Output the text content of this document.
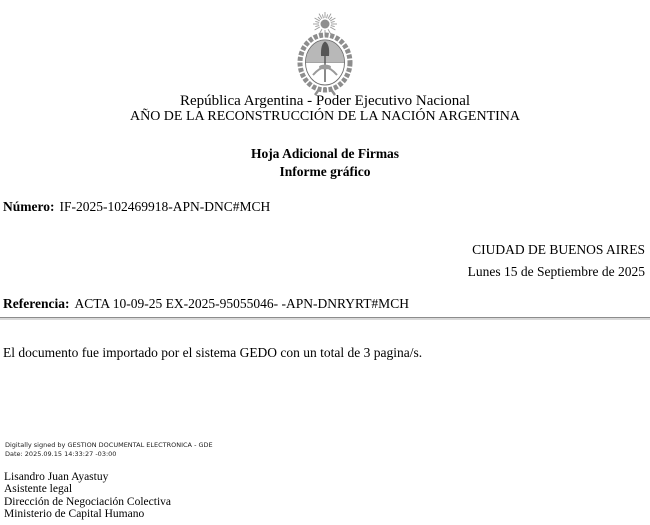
República Argentina - Poder Ejecutivo Nacional
AÑO DE LA RECONSTRUCCIÓN DE LA NACIÓN ARGENTINA
Hoja Adicional de Firmas
Informe gráfico
Número: IF-2025-102469918-APN-DNC#MCH
CIUDAD DE BUENOS AIRES
Lunes 15 de Septiembre de 2025
Referencia: ACTA 10-09-25 EX-2025-95055046- -APN-DNRYRT#MCH
El documento fue importado por el sistema GEDO con un total de 3 pagina/s.
Digitally signed by GESTION DOCUMENTAL ELECTRONICA - GDE
Date: 2025.09.15 14:33:27 -03:00
Lisandro Juan Ayastuy
Asistente legal
Dirección de Negociación Colectiva
Ministerio de Capital Humano
